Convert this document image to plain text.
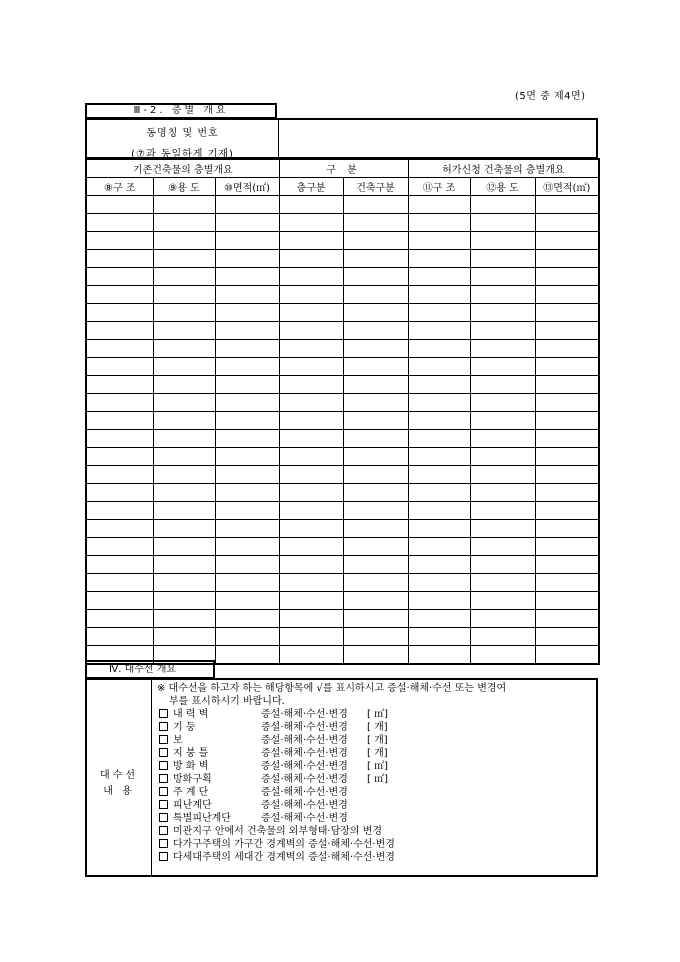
(5면 중 제4면)
Ⅲ-2. 층별 개요
동명칭 및 번호
(⑦과 동일하게 기재)
기존건축물의 층별개요			구 분		허가신청 건축물의 층별개요		
⑧구 조	⑨용 도	⑩면적(㎡)	층구분	건축구분	⑪구 조	⑫용 도	⑬면적(㎡)

Ⅳ. 대수선 개요
대수선
내 용
※ 대수선을 하고자 하는 해당항목에 √를 표시하시고 증설·해체·수선 또는 변경여
부를 표시하시기 바랍니다.
내 력 벽	증설·해체·수선·변경	[ ㎡]
기 둥	증설·해체·수선·변경	[ 개]
보	증설·해체·수선·변경	[ 개]
지 붕 틀	증설·해체·수선·변경	[ 개]
방 화 벽	증설·해체·수선·변경	[ ㎡]
방화구획	증설·해체·수선·변경	[ ㎡]
주 계 단	증설·해체·수선·변경
피난계단	증설·해체·수선·변경
특별피난계단	증설·해체·수선·변경
미관지구 안에서 건축물의 외부형태·담장의 변경
다가구주택의 가구간 경계벽의 증설·해체·수선·변경
다세대주택의 세대간 경계벽의 증설·해체·수선·변경
